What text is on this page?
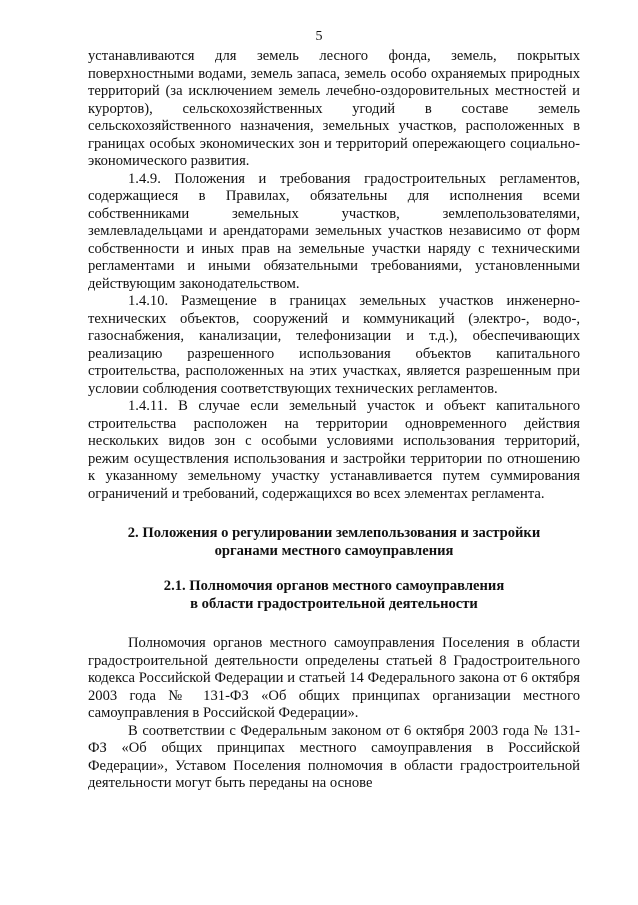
5

устанавливаются для земель лесного фонда, земель, покрытых поверхностными водами, земель запаса, земель особо охраняемых природных территорий (за исключением земель лечебно-оздоровительных местностей и курортов), сельскохозяйственных угодий в составе земель сельскохозяйственного назначения, земельных участков, расположенных в границах особых экономических зон и территорий опережающего социально-экономического развития.

1.4.9. Положения и требования градостроительных регламентов, содержащиеся в Правилах, обязательны для исполнения всеми собственниками земельных участков, землепользователями, землевладельцами и арендаторами земельных участков независимо от форм собственности и иных прав на земельные участки наряду с техническими регламентами и иными обязательными требованиями, установленными действующим законодательством.

1.4.10. Размещение в границах земельных участков инженерно-технических объектов, сооружений и коммуникаций (электро-, водо-, газоснабжения, канализации, телефонизации и т.д.), обеспечивающих реализацию разрешенного использования объектов капитального строительства, расположенных на этих участках, является разрешенным при условии соблюдения соответствующих технических регламентов.

1.4.11. В случае если земельный участок и объект капитального строительства расположен на территории одновременного действия нескольких видов зон с особыми условиями использования территорий, режим осуществления использования и застройки территории по отношению к указанному земельному участку устанавливается путем суммирования ограничений и требований, содержащихся во всех элементах регламента.

2. Положения о регулировании землепользования и застройки
органами местного самоуправления
2.1. Полномочия органов местного самоуправления
в области градостроительной деятельности

Полномочия органов местного самоуправления Поселения в области градостроительной деятельности определены статьей 8 Градостроительного кодекса Российской Федерации и статьей 14 Федерального закона от 6 октября 2003 года № 131-ФЗ «Об общих принципах организации местного самоуправления в Российской Федерации».

В соответствии с Федеральным законом от 6 октября 2003 года № 131-ФЗ «Об общих принципах местного самоуправления в Российской Федерации», Уставом Поселения полномочия в области градостроительной деятельности могут быть переданы на основе
